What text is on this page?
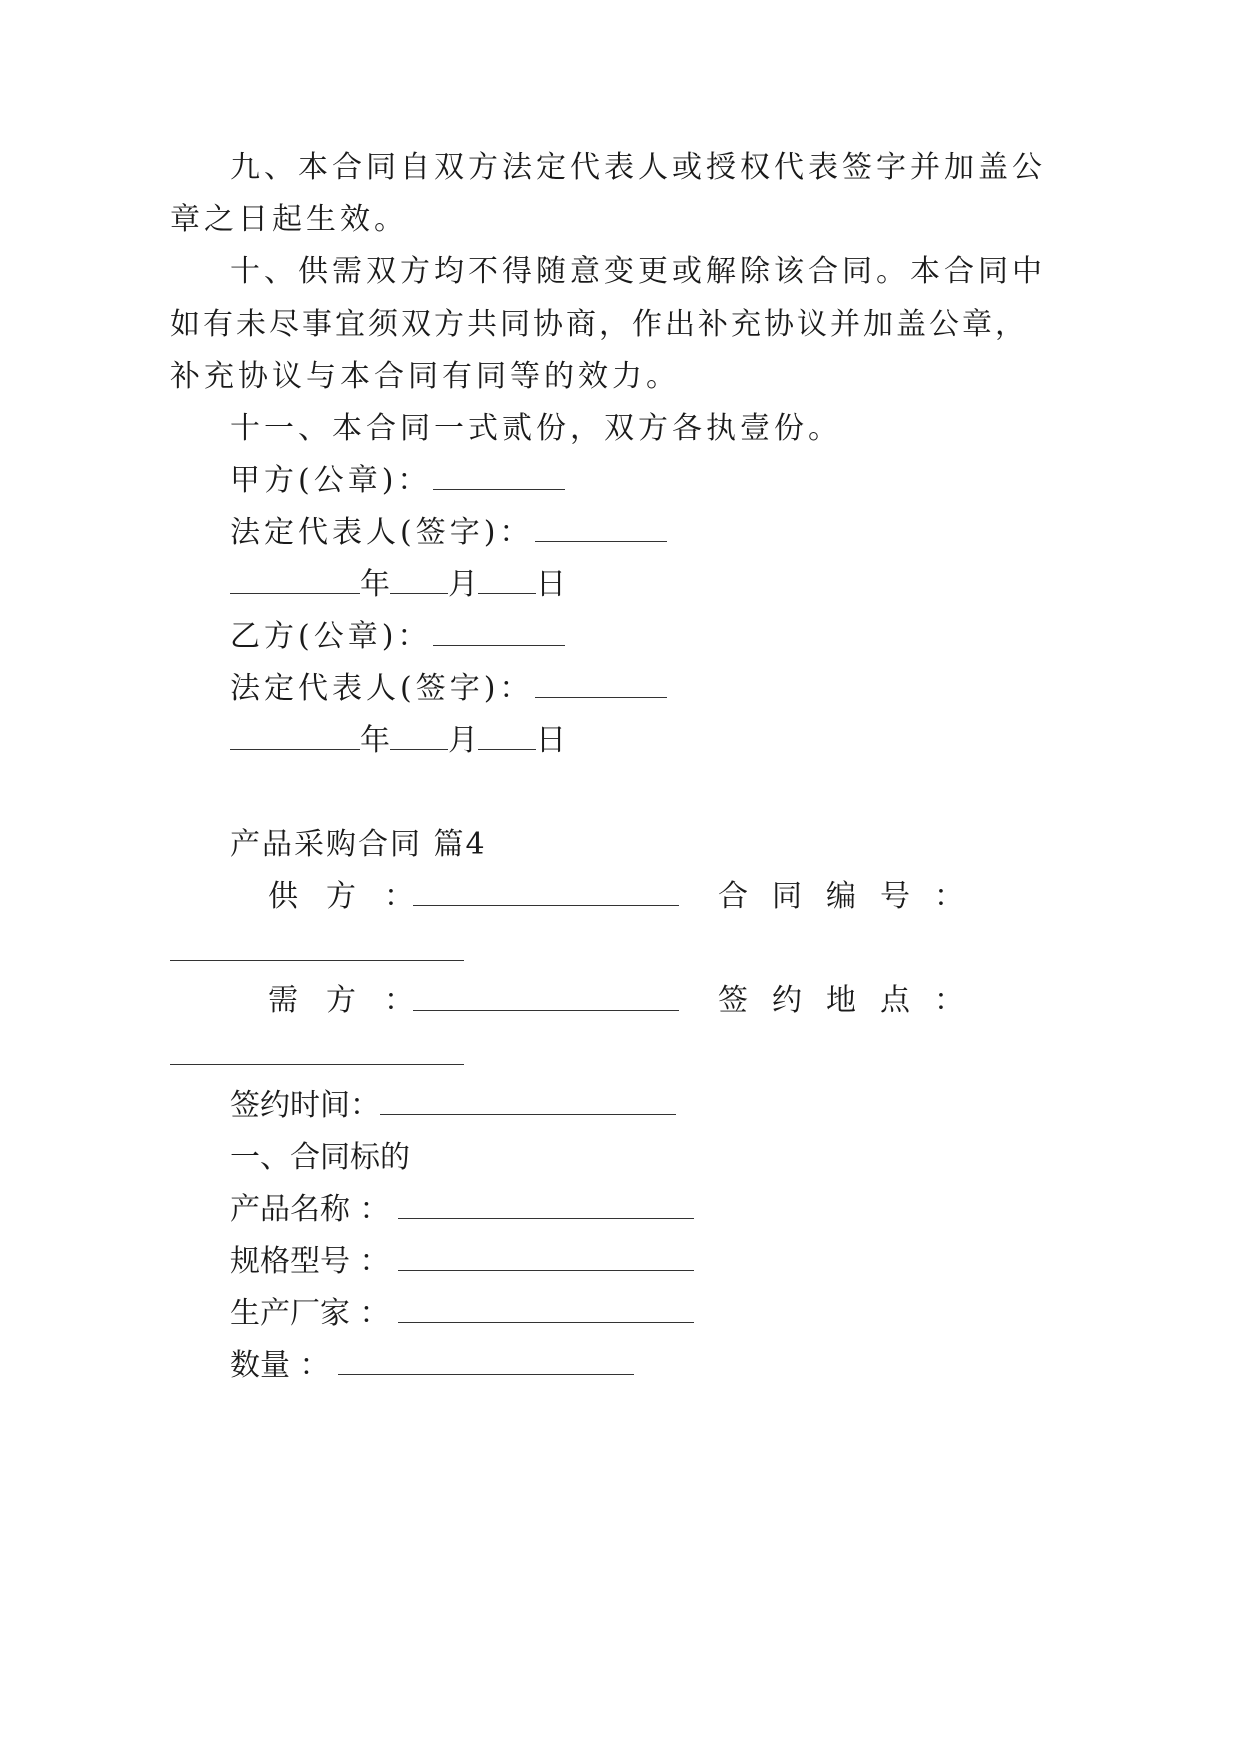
九、本合同自双方法定代表人或授权代表签字并加盖公
章之日起生效。
十、供需双方均不得随意变更或解除该合同。本合同中
如有未尽事宜须双方共同协商，作出补充协议并加盖公章，
补充协议与本合同有同等的效力。
十一、本合同一式贰份，双方各执壹份。
甲方(公章)：
法定代表人(签字)：
年 月 日
乙方(公章)：
法定代表人(签字)：
年 月 日
产品采购合同 篇4
供方：	合同编号：
需方：	签约地点：
签约时间：
一、合同标的
产品名称 ：
规格型号 ：
生产厂家 ：
数量 ：
